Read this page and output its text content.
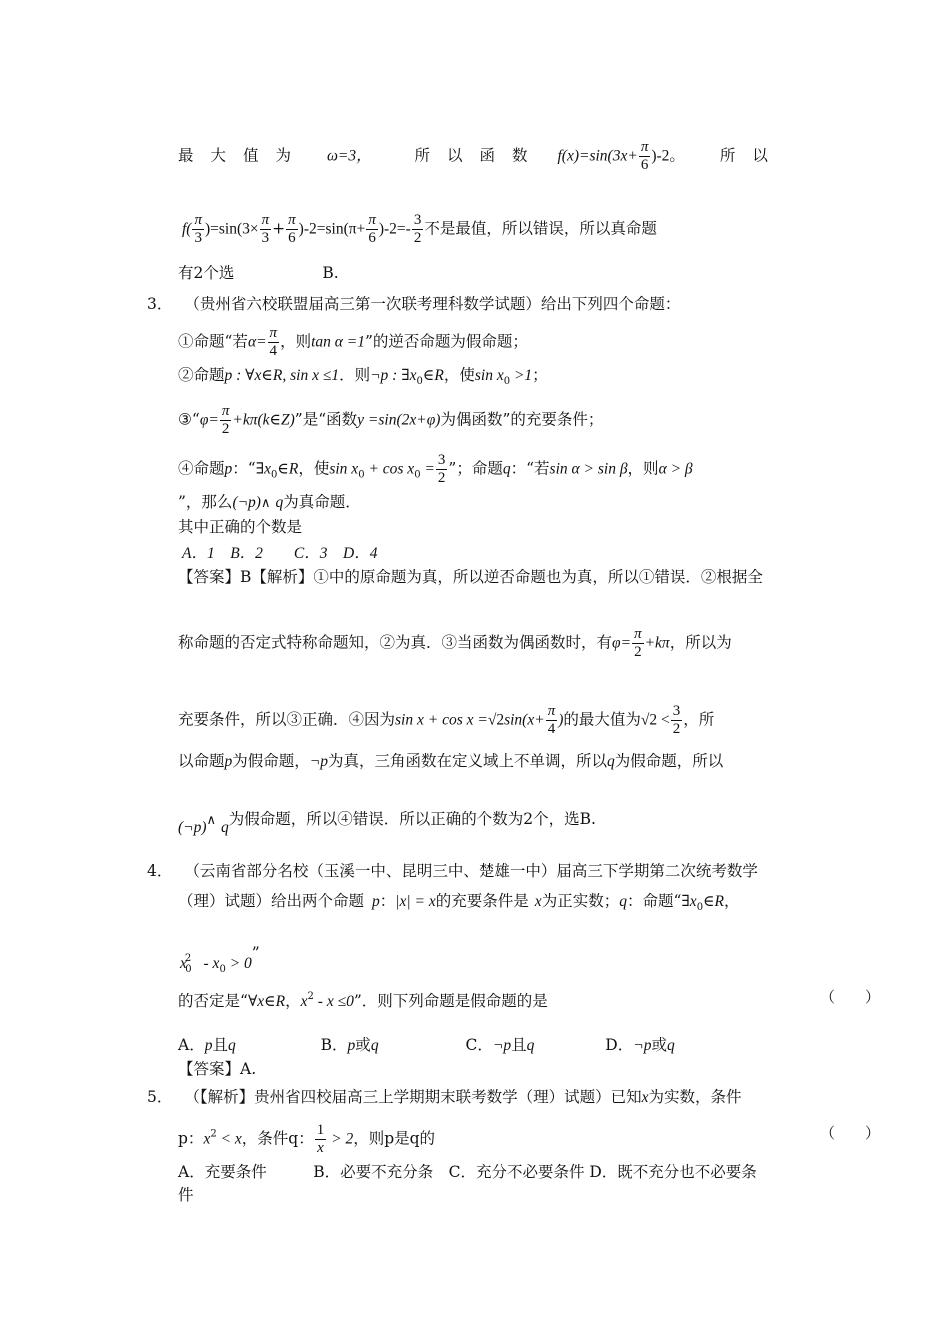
最大值为 ω=3，	所以函数 $f(x)=\sin(3x+ \frac{\pi}{6} )-2$。 所以
$f( \frac{\pi}{3} )=\sin(3\times \frac{\pi}{3} + \frac{\pi}{6} )-2=\sin(\pi+ \frac{\pi}{6} )-2=- \frac{3}{2}$ 不是最值，所以错误，所以真命题
有2个选	B.
3． （贵州省六校联盟届高三第一次联考理科数学试题）给出下列四个命题：
①命题“若$\alpha= \frac{\pi}{4}$ ，则tan α =1”的逆否命题为假命题；
②命题p : ∀x∈R, sin x ≤1．则¬p : $\exists x_0\in R$，使$\sin x_0 >1$；
③“φ= $\frac{\pi}{2}$ +kπ(k∈Z)”是“函数y =sin(2x+φ)为偶函数”的充要条件；
④命题p：“$\exists x_0\in R$，使$\sin x_0 + \cos x_0 = \frac{3}{2}$ ”；命题q：“若sin α > sin β，则α > β
”，那么(¬p)∧ q为真命题．
其中正确的个数是
A．1　B．2　　C．3　D．4
【答案】B【解析】①中的原命题为真，所以逆否命题也为真，所以①错误．②根据全
称命题的否定式特称命题知，②为真．③当函数为偶函数时，有$\varphi= \frac{\pi}{2} +k\pi$，所以为
充要条件，所以③正确．④因为$\sin x + \cos x =√2\sin(x+ \frac{\pi}{4}$ )的最大值为$√2 < \frac{3}{2}$ ，所
以命题p为假命题，¬p为真，三角函数在定义域上不单调，所以q为假命题，所以
(¬p)∧ q为假命题，所以④错误．所以正确的个数为2个，选B.
4． （云南省部分名校（玉溪一中、昆明三中、楚雄一中）届高三下学期第二次统考数学
（理）试题）给出两个命题 p：|x| = x的充要条件是 x为正实数；q：命题“$\exists x_0\in R$，
$x^2_0 - x_0 > 0$”
的否定是“∀x∈R，$x^2 - x \le 0$”．则下列命题是假命题的是	（　　）
A．p且q	B．p或q	C．¬p且q	D．¬p或q
【答案】A.
5． （【解析】贵州省四校届高三上学期期末联考数学（理）试题）已知x为实数，条件
p：$x^2 < x$，条件q： $\frac{1}{x} > 2$，则p是q的	（　　）
A．充要条件　　　B．必要不充分条　C．充分不必要条件 D．既不充分也不必要条
件
